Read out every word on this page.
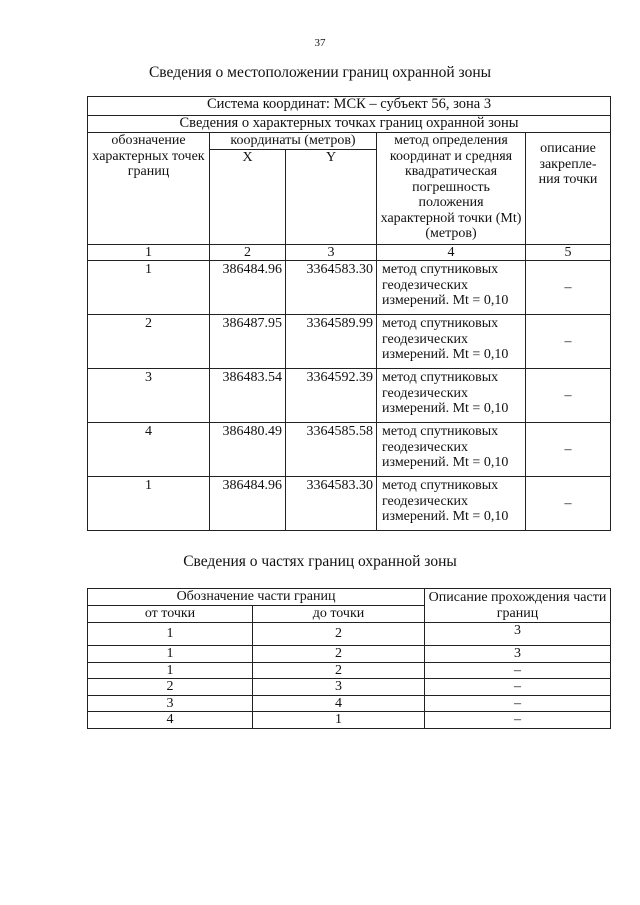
37
Сведения о местоположении границ охранной зоны
Система координат: МСК – субъект 56, зона 3				
Сведения о характерных точках границ охранной зоны				
обозначение характерных точек границ	координаты (метров)		метод определения координат и средняя квадратическая погрешность положения характерной точки (Mt) (метров)	описание закрепле-ния точки
	X	Y		
1	2	3	4	5
1	386484.96	3364583.30	метод спутниковых геодезических измерений. Mt = 0,10	–
2	386487.95	3364589.99	метод спутниковых геодезических измерений. Mt = 0,10	–
3	386483.54	3364592.39	метод спутниковых геодезических измерений. Mt = 0,10	–
4	386480.49	3364585.58	метод спутниковых геодезических измерений. Mt = 0,10	–
1	386484.96	3364583.30	метод спутниковых геодезических измерений. Mt = 0,10	–
Сведения о частях границ охранной зоны
Обозначение части границ		Описание прохождения части границ
от точки	до точки	
1	2	3
1	2	3
1	2	–
2	3	–
3	4	–
4	1	–
